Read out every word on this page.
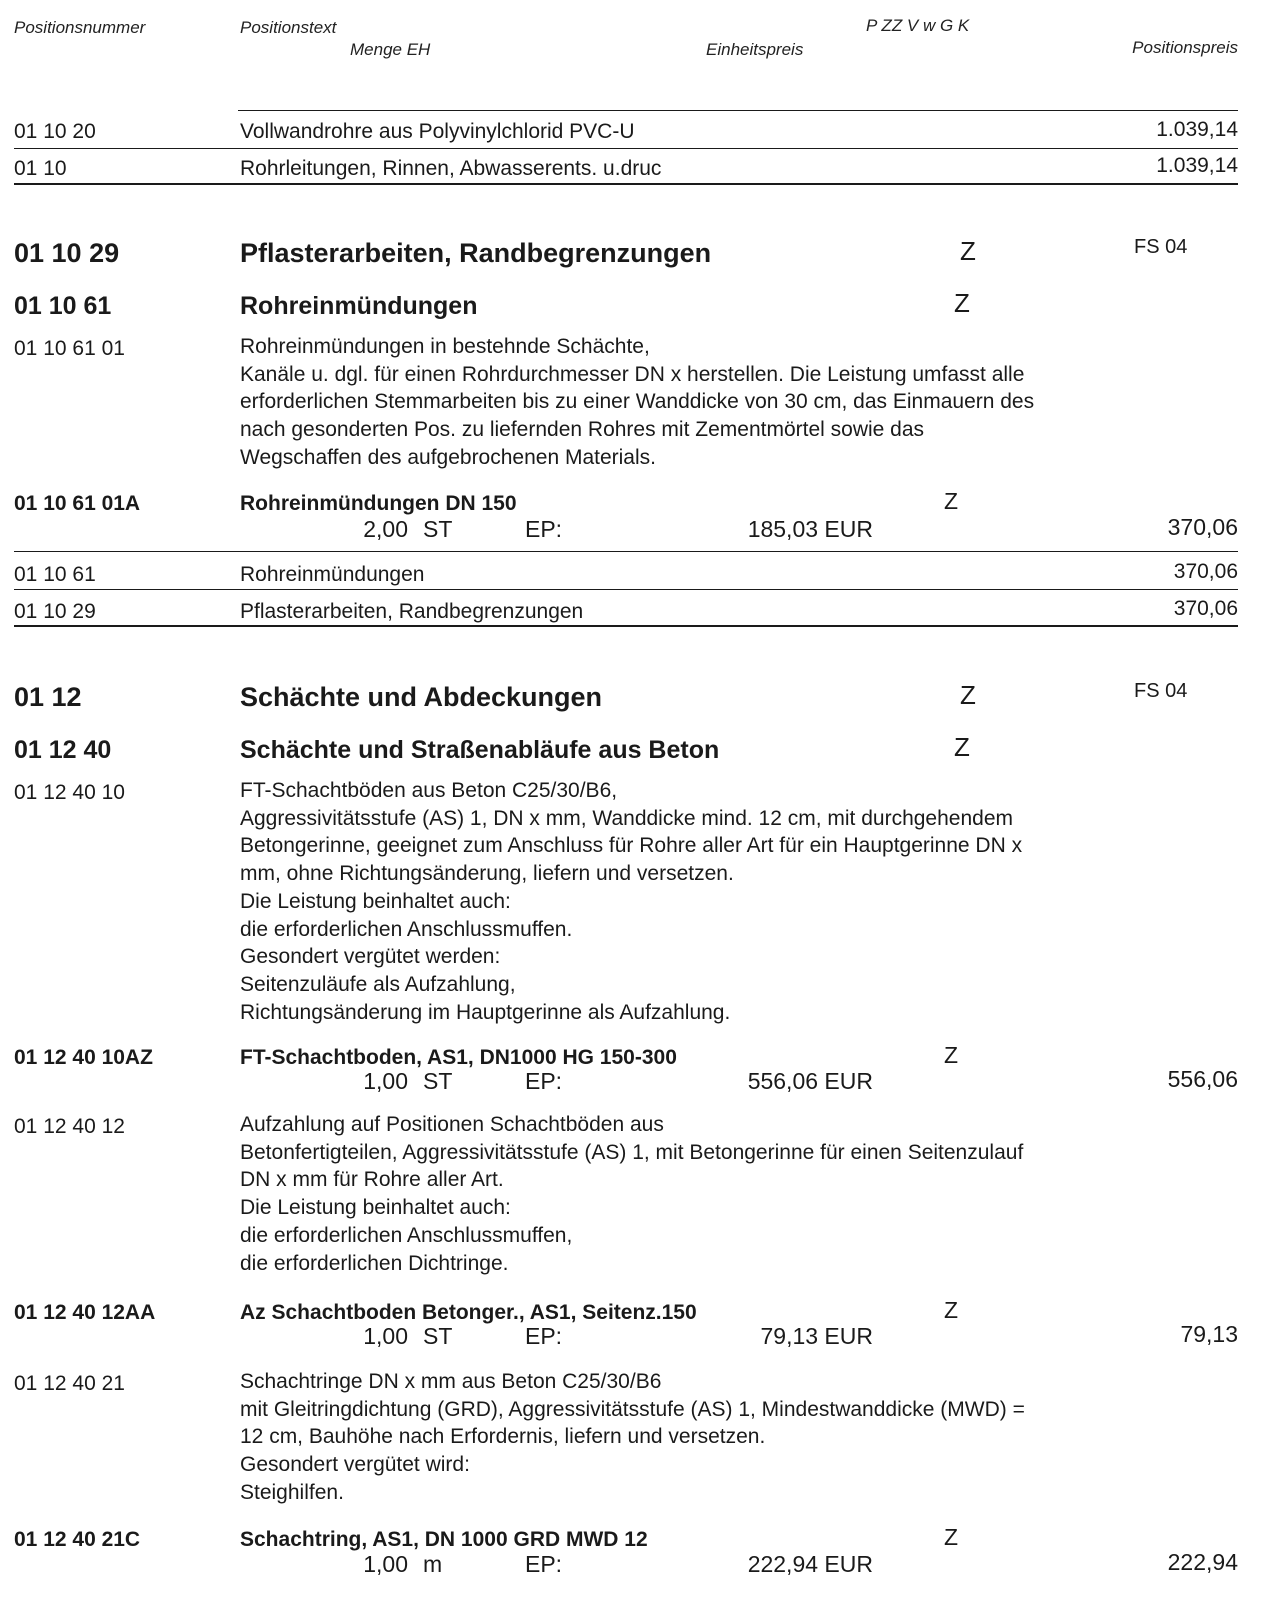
Positionsnummer	Positionstext
Menge EH	Einheitspreis
P ZZ V w G K
Positionspreis
01 10 20	Vollwandrohre aus Polyvinylchlorid PVC-U	1.039,14
01 10	Rohrleitungen, Rinnen, Abwasserents. u.druc	1.039,14
01 10 29	Pflasterarbeiten, Randbegrenzungen	Z	FS 04
01 10 61	Rohreinmündungen	Z
01 10 61 01	Rohreinmündungen in bestehnde Schächte,
Kanäle u. dgl. für einen Rohrdurchmesser DN x herstellen. Die Leistung umfasst alle
erforderlichen Stemmarbeiten bis zu einer Wanddicke von 30 cm, das Einmauern des
nach gesonderten Pos. zu liefernden Rohres mit Zementmörtel sowie das
Wegschaffen des aufgebrochenen Materials.
01 10 61 01A	Rohreinmündungen DN 150	Z
2,00 ST	EP:	185,03 EUR	370,06
01 10 61	Rohreinmündungen	370,06
01 10 29	Pflasterarbeiten, Randbegrenzungen	370,06
01 12	Schächte und Abdeckungen	Z	FS 04
01 12 40	Schächte und Straßenabläufe aus Beton	Z
01 12 40 10	FT-Schachtböden aus Beton C25/30/B6,
Aggressivitätsstufe (AS) 1, DN x mm, Wanddicke mind. 12 cm, mit durchgehendem
Betongerinne, geeignet zum Anschluss für Rohre aller Art für ein Hauptgerinne DN x
mm, ohne Richtungsänderung, liefern und versetzen.
Die Leistung beinhaltet auch:
die erforderlichen Anschlussmuffen.
Gesondert vergütet werden:
Seitenzuläufe als Aufzahlung,
Richtungsänderung im Hauptgerinne als Aufzahlung.
01 12 40 10AZ	FT-Schachtboden, AS1, DN1000 HG 150-300	Z
1,00 ST	EP:	556,06 EUR	556,06
01 12 40 12	Aufzahlung auf Positionen Schachtböden aus
Betonfertigteilen, Aggressivitätsstufe (AS) 1, mit Betongerinne für einen Seitenzulauf
DN x mm für Rohre aller Art.
Die Leistung beinhaltet auch:
die erforderlichen Anschlussmuffen,
die erforderlichen Dichtringe.
01 12 40 12AA	Az Schachtboden Betonger., AS1, Seitenz.150	Z
1,00 ST	EP:	79,13 EUR	79,13
01 12 40 21	Schachtringe DN x mm aus Beton C25/30/B6
mit Gleitringdichtung (GRD), Aggressivitätsstufe (AS) 1, Mindestwanddicke (MWD) =
12 cm, Bauhöhe nach Erfordernis, liefern und versetzen.
Gesondert vergütet wird:
Steighilfen.
01 12 40 21C	Schachtring, AS1, DN 1000 GRD MWD 12	Z
1,00 m	EP:	222,94 EUR	222,94
